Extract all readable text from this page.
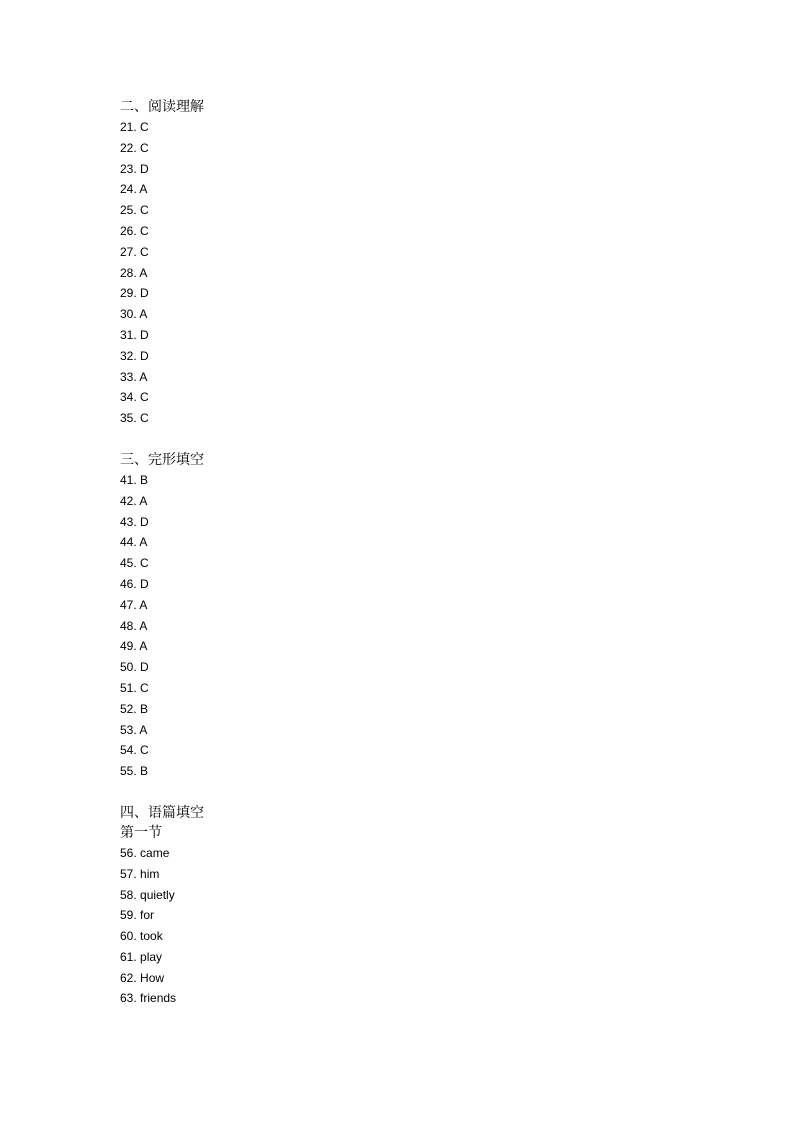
二、阅读理解
21. C
22. C
23. D
24. A
25. C
26. C
27. C
28. A
29. D
30. A
31. D
32. D
33. A
34. C
35. C
三、完形填空
41. B
42. A
43. D
44. A
45. C
46. D
47. A
48. A
49. A
50. D
51. C
52. B
53. A
54. C
55. B
四、语篇填空
第一节
56. came
57. him
58. quietly
59. for
60. took
61. play
62. How
63. friends
